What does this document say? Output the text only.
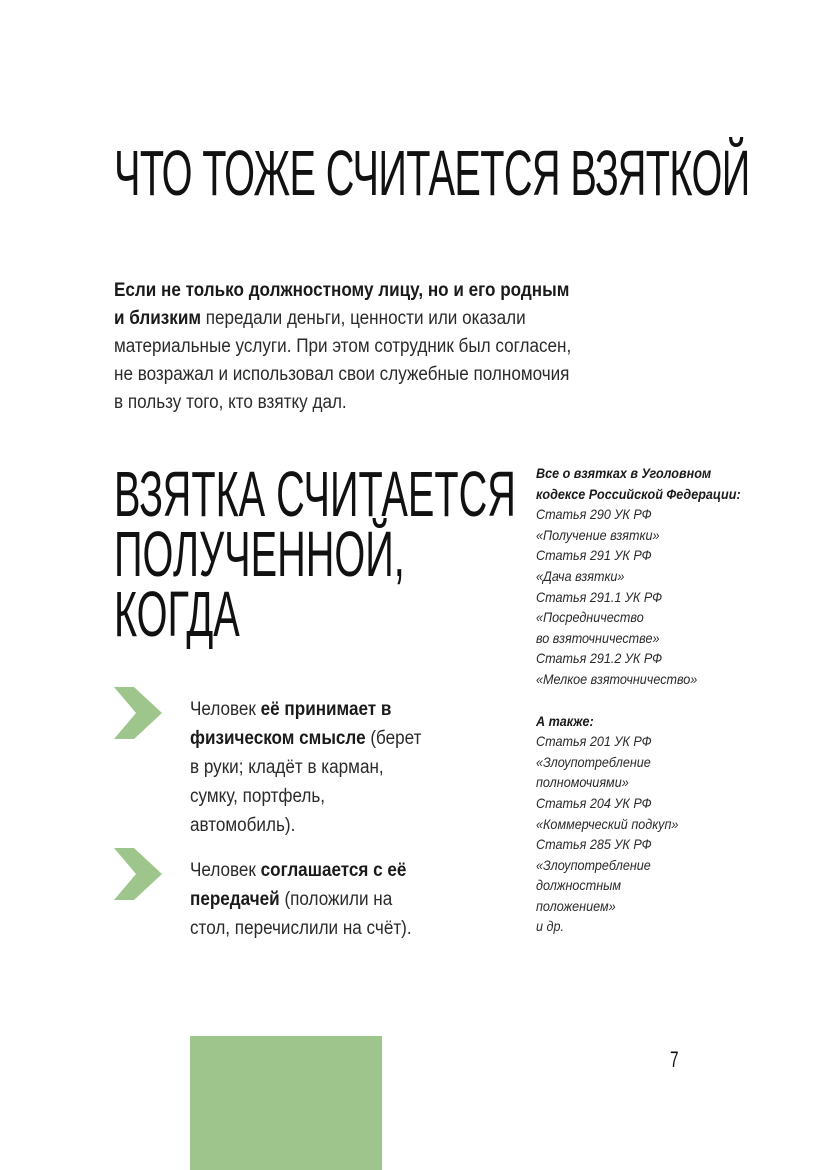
ЧТО ТОЖЕ СЧИТАЕТСЯ ВЗЯТКОЙ

Если не только должностному лицу, но и его родным и близким передали деньги, ценности или оказали материальные услуги. При этом сотрудник был согласен, не возражал и использовал свои служебные полномочия в пользу того, кто взятку дал.

ВЗЯТКА СЧИТАЕТСЯ
ПОЛУЧЕННОЙ,
КОГДА
Человек её принимает в физическом смысле (берет в руки; кладёт в карман, сумку, портфель, автомобиль).
Человек соглашается с её передачей (положили на стол, перечислили на счёт).
Все о взятках в Уголовном
кодексе Российской Федерации:
Статья 290 УК РФ
«Получение взятки»
Статья 291 УК РФ
«Дача взятки»
Статья 291.1 УК РФ
«Посредничество
во взяточничестве»
Статья 291.2 УК РФ
«Мелкое взяточничество»
А также:
Статья 201 УК РФ
«Злоупотребление
полномочиями»
Статья 204 УК РФ
«Коммерческий подкуп»
Статья 285 УК РФ
«Злоупотребление
должностным
положением»
и др.
7
